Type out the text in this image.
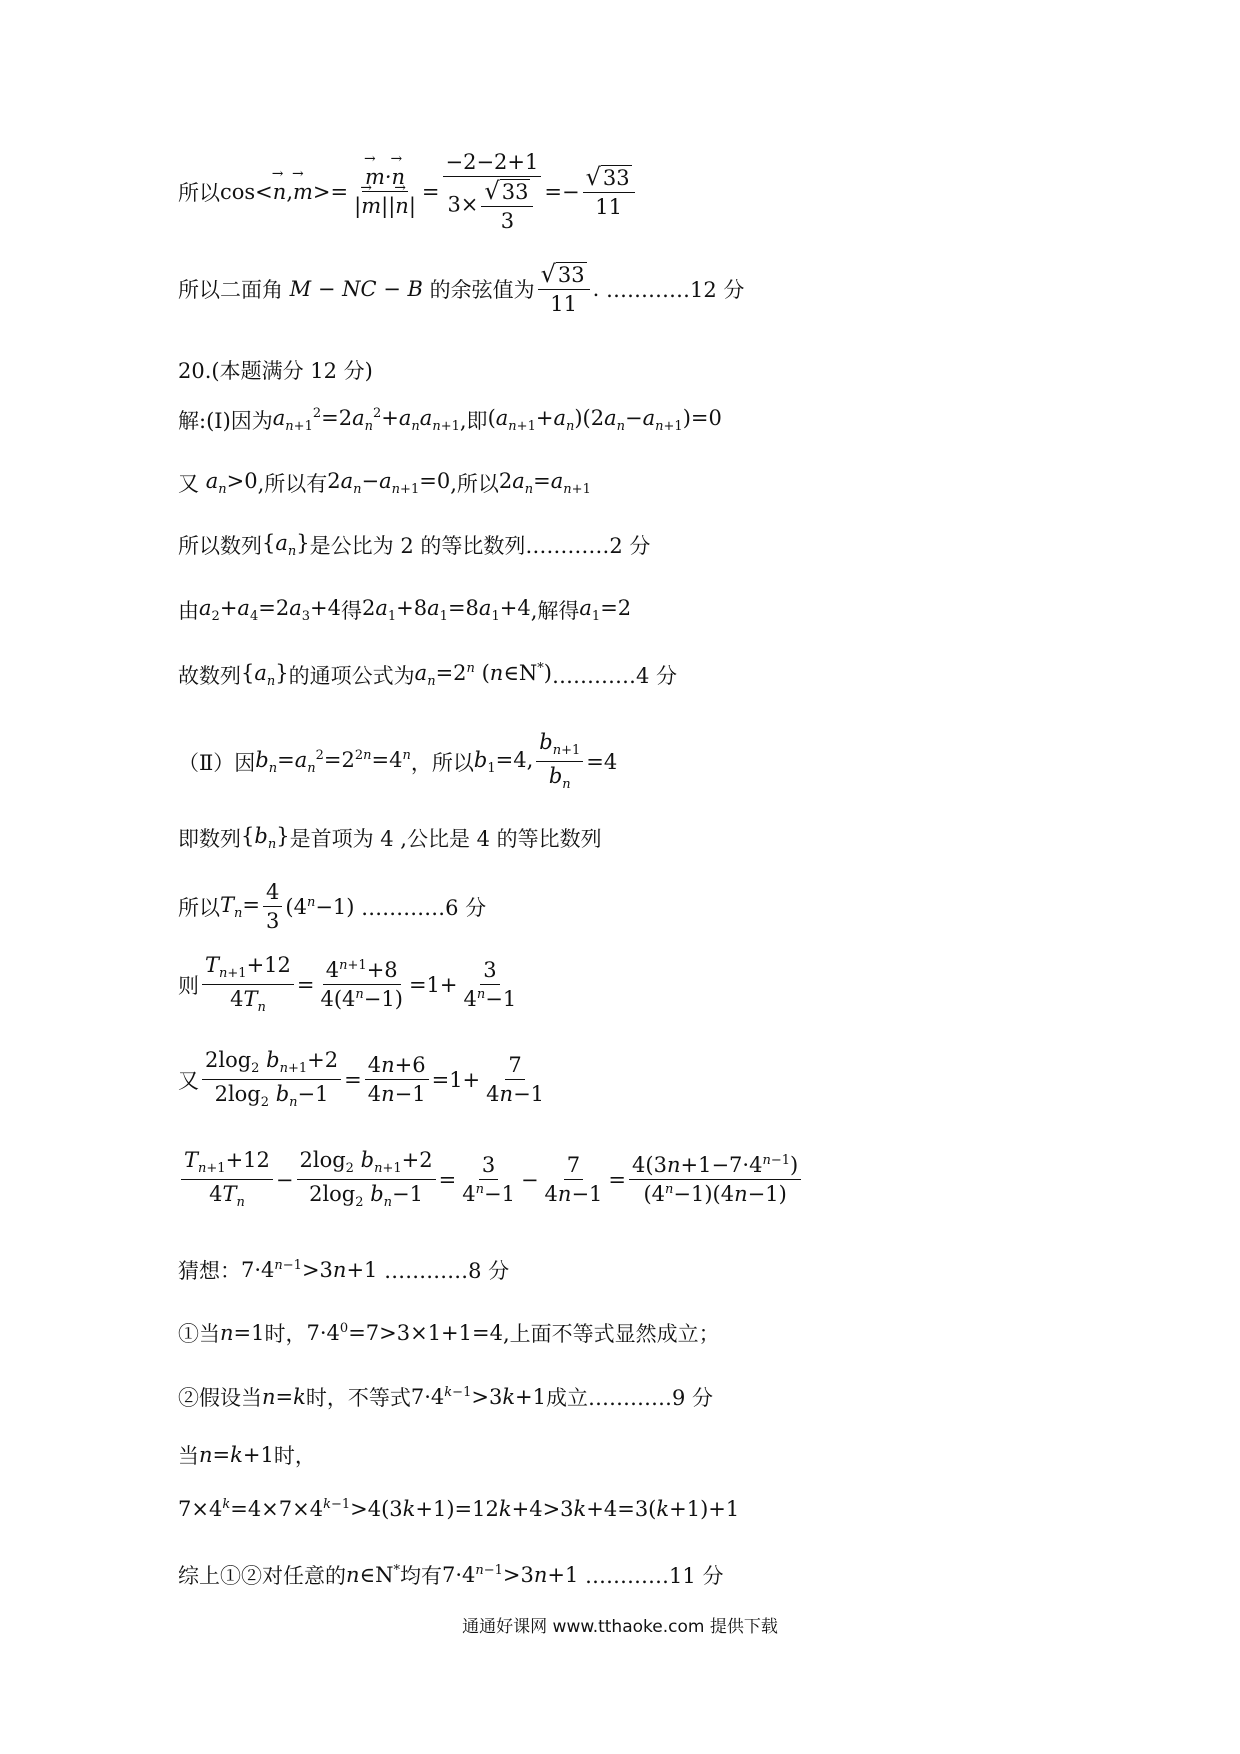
所以 cos<→ n,→ m>=
→ $\frac{m\cdot\to n}{|\to m||\to n|} = \frac{-2-2+1}{3\times \frac{√ 33}{3}} =- \frac{√ 33}{11}$
所以二面角 M − NC − B 的余弦值为 $\frac{√ 33}{11}$ . …………12 分
20.(本题满分 12 分)
解:(Ⅰ)因为 $a_{n+1}^2=2a_n^2+a_na_{n+1}$ ,即 $(a_{n+1}+a_n)(2a_n-a_{n+1})=0$
又 $a_n>0$ ,所以有 $2a_n-a_{n+1}=0$ ,所以 $2a_n=a_{n+1}$
所以数列 $\{a_n\}$ 是公比为 2 的等比数列…………2 分
由 $a_2+a_4=2a_3+4$ 得 $2a_1+8a_1=8a_1+4$ ,解得 $a_1=2$
故数列 $\{a_n\}$ 的通项公式为 $a_n=2^n$ (n∈N*) …………4 分
（Ⅱ）因 $b_n=a_n^2=2^{2n}=4^n$ ，所以 $b_1=4$, $\frac{b_{n+1}}{b_n} =4$
即数列 $\{b_n\}$ 是首项为 4 ,公比是 4 的等比数列
所以 $T_n= \frac{4}{3} (4^n-1)$ …………6 分
则 $\frac{T_{n+1}+12}{4T_n} = \frac{4^{n+1}+8}{4(4^n-1)} =1+ \frac{3}{4^n-1}$
又 $\frac{2\log_2 b_{n+1}+2}{2\log_2 b_n-1} = \frac{4n+6}{4n-1} =1+ \frac{7}{4n-1}$
$\frac{T_{n+1}+12}{4T_n} - \frac{2\log_2 b_{n+1}+2}{2\log_2 b_n-1} = \frac{3}{4^n-1} - \frac{7}{4n-1} = \frac{4(3n+1-7\cdot 4^{n-1})}{(4^n-1)(4n-1)}$
猜想： $7\cdot 4^{n-1}>3n+1$ …………8 分
①当 n =1 时， $7\cdot 4^0=7>3\times 1+1=4$ ,上面不等式显然成立；
②假设当 n=k 时，不等式 $7\cdot 4^{k-1}>3k+1$ 成立…………9 分
当 n=k+1 时，
$7\times 4^k=4\times 7\times 4^{k-1}>4(3k+1)=12k+4>3k+4=3(k+1)+1$
综上①②对任意的 n∈N* 均有 $7\cdot 4^{n-1}>3n+1$ …………11 分
通通好课网 www.tthaoke.com 提供下载
